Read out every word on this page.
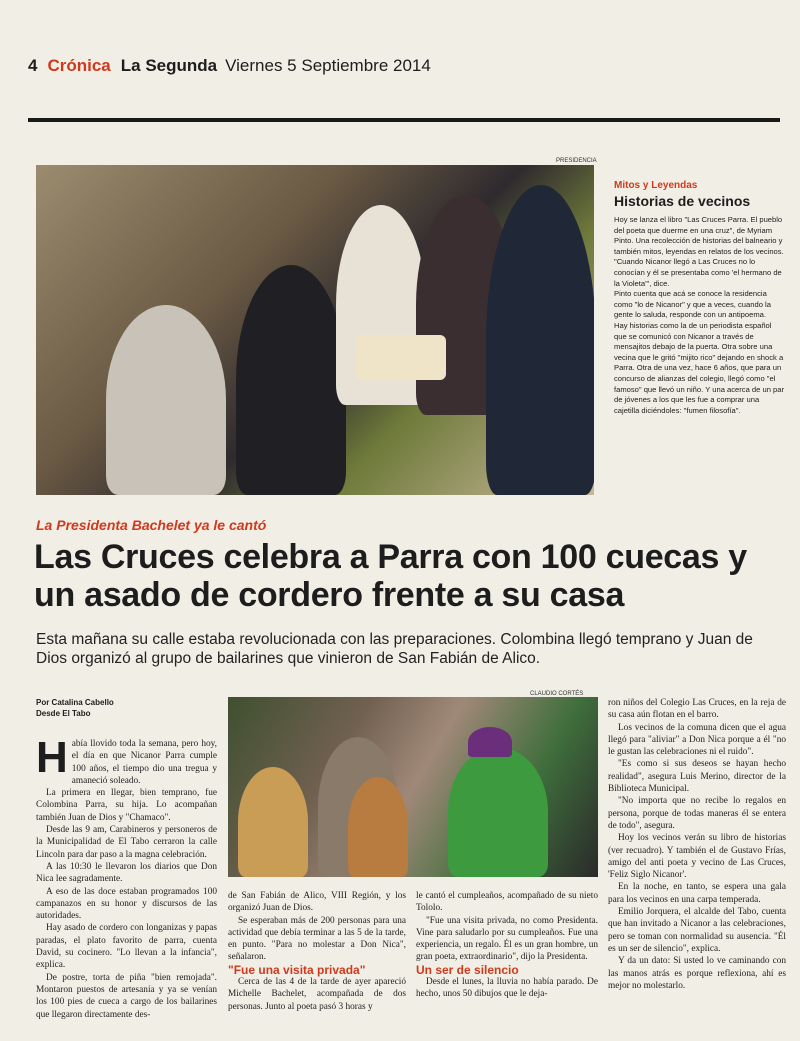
4 Crónica La Segunda Viernes 5 Septiembre 2014
PRESIDENCIA
Mitos y Leyendas
Historias de vecinos

Hoy se lanza el libro "Las Cruces Parra. El pueblo del poeta que duerme en una cruz", de Myriam Pinto. Una recolección de historias del balneario y también mitos, leyendas en relatos de los vecinos.

"Cuando Nicanor llegó a Las Cruces no lo conocían y él se presentaba como 'el hermano de la Violeta'", dice.

Pinto cuenta que acá se conoce la residencia como "lo de Nicanor" y que a veces, cuando la gente lo saluda, responde con un antipoema.

Hay historias como la de un periodista español que se comunicó con Nicanor a través de mensajitos debajo de la puerta. Otra sobre una vecina que le gritó "mijito rico" dejando en shock a Parra. Otra de una vez, hace 6 años, que para un concurso de alianzas del colegio, llegó como "el famoso" que llevó un niño. Y una acerca de un par de jóvenes a los que les fue a comprar una cajetilla diciéndoles: "fumen filosofía".

La Presidenta Bachelet ya le cantó
Las Cruces celebra a Parra con 100 cuecas y un asado de cordero frente a su casa
Esta mañana su calle estaba revolucionada con las preparaciones. Colombina llegó temprano y Juan de Dios organizó al grupo de bailarines que vinieron de San Fabián de Alico.
Por Catalina Cabello
Desde El Tabo
CLAUDIO CORTÉS

Había llovido toda la semana, pero hoy, el día en que Nicanor Parra cumple 100 años, el tiempo dio una tregua y amaneció soleado.

La primera en llegar, bien temprano, fue Colombina Parra, su hija. Lo acompañan también Juan de Dios y "Chamaco".

Desde las 9 am, Carabineros y personeros de la Municipalidad de El Tabo cerraron la calle Lincoln para dar paso a la magna celebración.

A las 10:30 le llevaron los diarios que Don Nica lee sagradamente.

A eso de las doce estaban programados 100 campanazos en su honor y discursos de las autoridades.

Hay asado de cordero con longanizas y papas paradas, el plato favorito de parra, cuenta David, su cocinero. "Lo llevan a la infancia", explica.

De postre, torta de piña "bien remojada". Montaron puestos de artesanía y ya se venían los 100 pies de cueca a cargo de los bailarines que llegaron directamente des-

de San Fabián de Alico, VIII Región, y los organizó Juan de Dios.

Se esperaban más de 200 personas para una actividad que debía terminar a las 5 de la tarde, en punto. "Para no molestar a Don Nica", señalaron.

"Fue una visita privada"

Cerca de las 4 de la tarde de ayer apareció Michelle Bachelet, acompañada de dos personas. Junto al poeta pasó 3 horas y

le cantó el cumpleaños, acompañado de su nieto Tololo.

"Fue una visita privada, no como Presidenta. Vine para saludarlo por su cumpleaños. Fue una experiencia, un regalo. Él es un gran hombre, un gran poeta, extraordinario", dijo la Presidenta.

Un ser de silencio

Desde el lunes, la lluvia no había parado. De hecho, unos 50 dibujos que le deja-

ron niños del Colegio Las Cruces, en la reja de su casa aún flotan en el barro.

Los vecinos de la comuna dicen que el agua llegó para "aliviar" a Don Nica porque a él "no le gustan las celebraciones ni el ruido".

"Es como si sus deseos se hayan hecho realidad", asegura Luis Merino, director de la Biblioteca Municipal.

"No importa que no recibe lo regalos en persona, porque de todas maneras él se entera de todo", asegura.

Hoy los vecinos verán su libro de historias (ver recuadro). Y también el de Gustavo Frías, amigo del anti poeta y vecino de Las Cruces, 'Feliz Siglo Nicanor'.

En la noche, en tanto, se espera una gala para los vecinos en una carpa temperada.

Emilio Jorquera, el alcalde del Tabo, cuenta que han invitado a Nicanor a las celebraciones, pero se toman con normalidad su ausencia. "Él es un ser de silencio", explica.

Y da un dato: Si usted lo ve caminando con las manos atrás es porque reflexiona, ahí es mejor no molestarlo.
